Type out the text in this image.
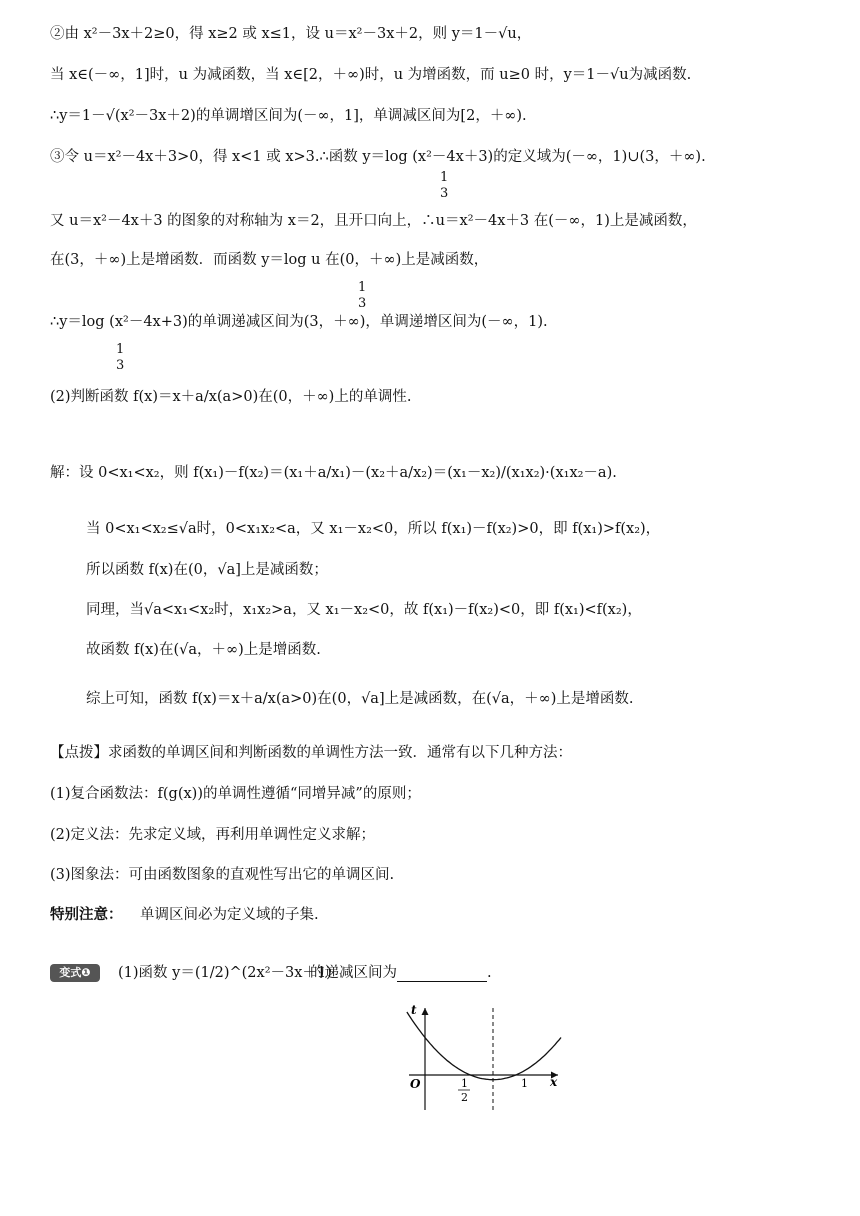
②由 x²－3x＋2≥0，得 x≥2 或 x≤1，设 u＝x²－3x＋2，则 y＝1－√u，
当 x∈(－∞，1]时，u 为减函数，当 x∈[2，＋∞)时，u 为增函数，而 u≥0 时，y＝1－√u为减函数.
∴y＝1－√(x²－3x＋2)的单调增区间为(－∞，1]，单调减区间为[2，＋∞).
③令 u＝x²－4x＋3>0，得 x<1 或 x>3.∴函数 y＝log (x²－4x＋3)的定义域为(－∞，1)∪(3，＋∞).
1
3
又 u＝x²－4x＋3 的图象的对称轴为 x＝2，且开口向上，∴u＝x²－4x＋3 在(－∞，1)上是减函数，
在(3，＋∞)上是增函数．而函数 y＝log u 在(0，＋∞)上是减函数，
1
3
∴y＝log (x²－4x+3)的单调递减区间为(3，＋∞)，单调递增区间为(－∞，1).
1
3
(2)判断函数 f(x)＝x＋a/x(a>0)在(0，＋∞)上的单调性.
解：设 0<x₁<x₂，则 f(x₁)－f(x₂)＝(x₁＋a/x₁)－(x₂＋a/x₂)＝(x₁－x₂)/(x₁x₂)·(x₁x₂－a).
当 0<x₁<x₂≤√a时，0<x₁x₂<a，又 x₁－x₂<0，所以 f(x₁)－f(x₂)>0，即 f(x₁)>f(x₂)，
所以函数 f(x)在(0，√a]上是减函数；
同理，当√a<x₁<x₂时，x₁x₂>a，又 x₁－x₂<0，故 f(x₁)－f(x₂)<0，即 f(x₁)<f(x₂)，
故函数 f(x)在(√a，＋∞)上是增函数.
综上可知，函数 f(x)＝x＋a/x(a>0)在(0，√a]上是减函数，在(√a，＋∞)上是增函数.
【点拨】求函数的单调区间和判断函数的单调性方法一致．通常有以下几种方法：
(1)复合函数法：f(g(x))的单调性遵循“同增异减”的原则；
(2)定义法：先求定义域，再利用单调性定义求解；
(3)图象法：可由函数图象的直观性写出它的单调区间.
特别注意： 单调区间必为定义域的子集.
变式❶	(1)函数 y＝(1/2)^(2x²－3x＋1)
的递减区间为	.
t
x
O	1
2
1
